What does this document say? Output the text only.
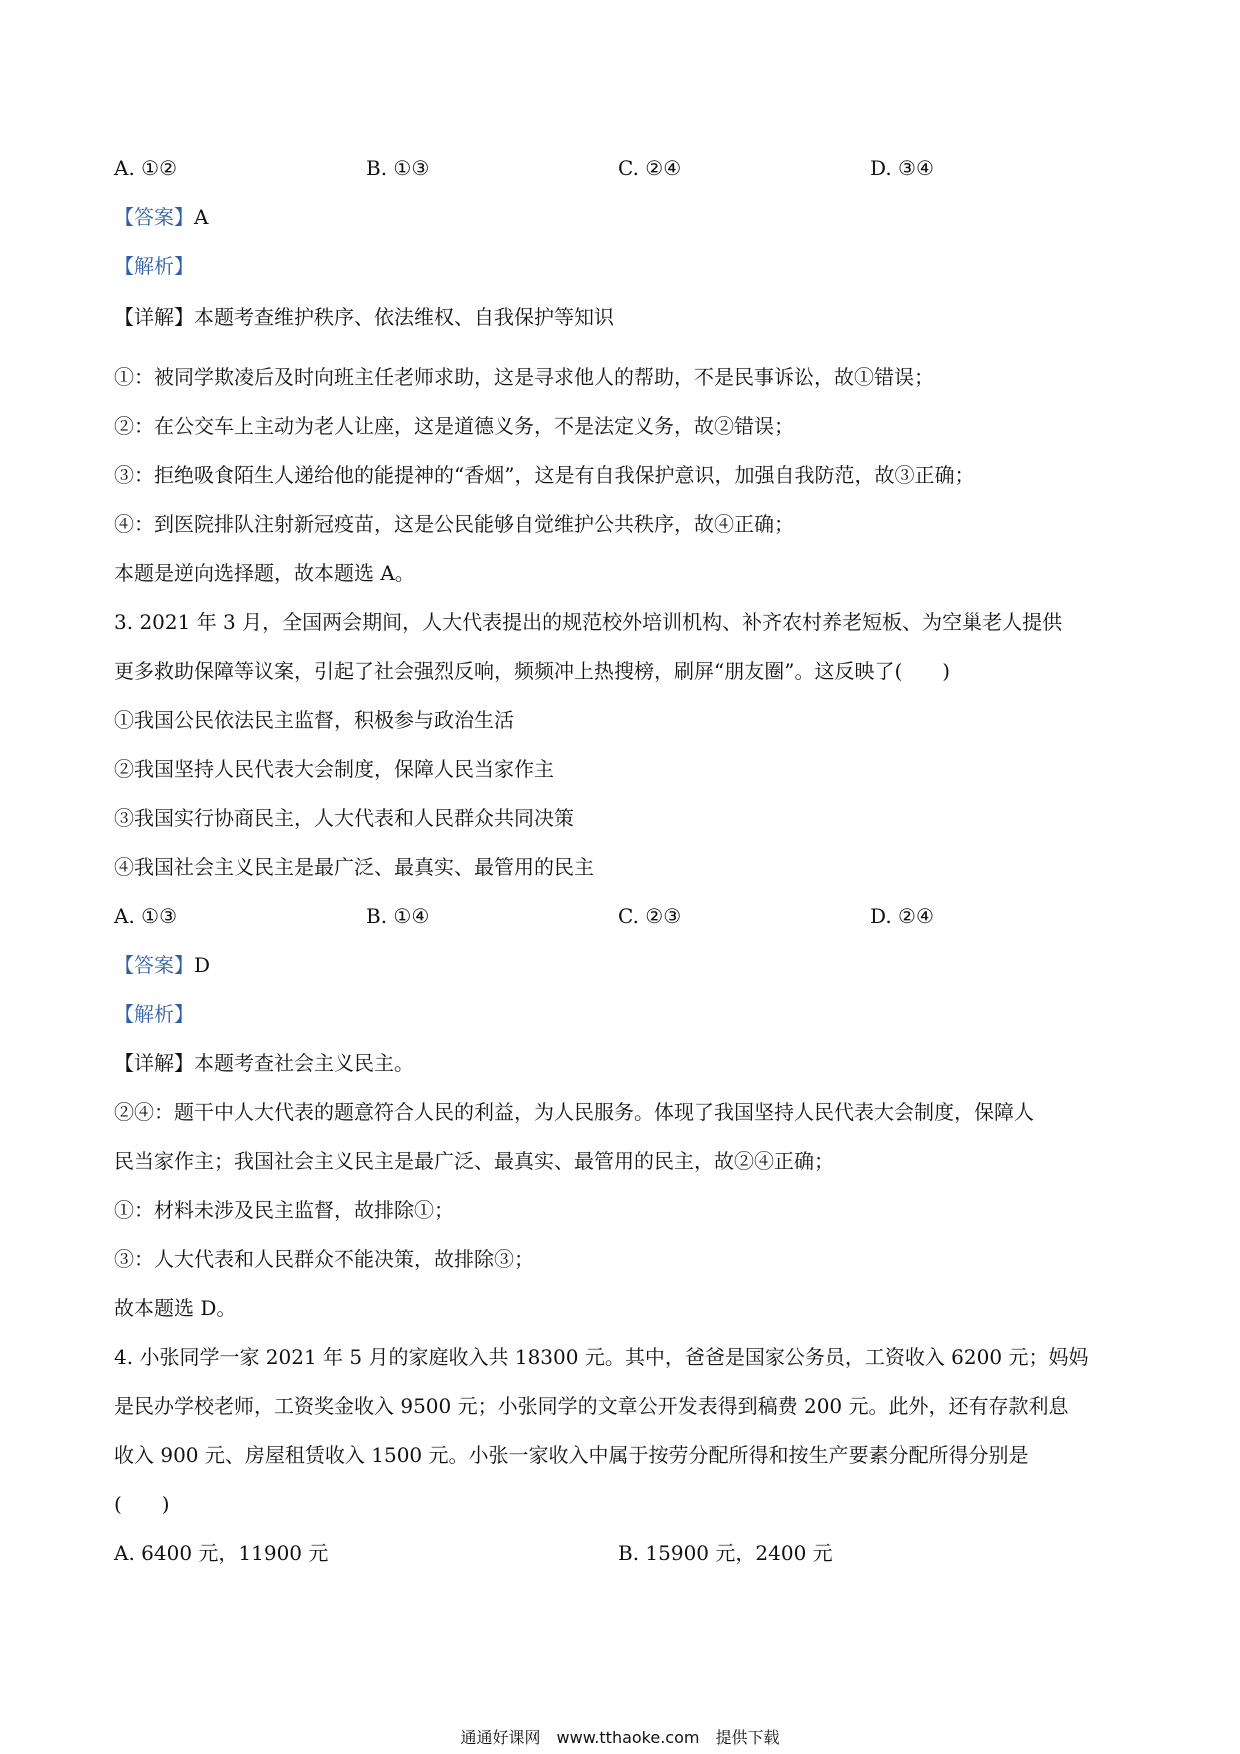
A. ①②	B. ①③	C. ②④	D. ③④
【答案】A
【解析】
【详解】本题考查维护秩序、依法维权、自我保护等知识
①：被同学欺凌后及时向班主任老师求助，这是寻求他人的帮助，不是民事诉讼，故①错误；
②：在公交车上主动为老人让座，这是道德义务，不是法定义务，故②错误；
③：拒绝吸食陌生人递给他的能提神的“香烟”，这是有自我保护意识，加强自我防范，故③正确；
④：到医院排队注射新冠疫苗，这是公民能够自觉维护公共秩序，故④正确；
本题是逆向选择题，故本题选 A。
3. 2021 年 3 月，全国两会期间，人大代表提出的规范校外培训机构、补齐农村养老短板、为空巢老人提供
更多救助保障等议案，引起了社会强烈反响，频频冲上热搜榜，刷屏“朋友圈”。这反映了(　　)
①我国公民依法民主监督，积极参与政治生活
②我国坚持人民代表大会制度，保障人民当家作主
③我国实行协商民主，人大代表和人民群众共同决策
④我国社会主义民主是最广泛、最真实、最管用的民主
A. ①③	B. ①④	C. ②③	D. ②④
【答案】D
【解析】
【详解】本题考查社会主义民主。
②④：题干中人大代表的题意符合人民的利益，为人民服务。体现了我国坚持人民代表大会制度，保障人
民当家作主；我国社会主义民主是最广泛、最真实、最管用的民主，故②④正确；
①：材料未涉及民主监督，故排除①；
③：人大代表和人民群众不能决策，故排除③；
故本题选 D。
4. 小张同学一家 2021 年 5 月的家庭收入共 18300 元。其中，爸爸是国家公务员，工资收入 6200 元；妈妈
是民办学校老师，工资奖金收入 9500 元；小张同学的文章公开发表得到稿费 200 元。此外，还有存款利息
收入 900 元、房屋租赁收入 1500 元。小张一家收入中属于按劳分配所得和按生产要素分配所得分别是
(　　)
A. 6400 元，11900 元	B. 15900 元，2400 元
通通好课网　www.tthaoke.com　提供下载
